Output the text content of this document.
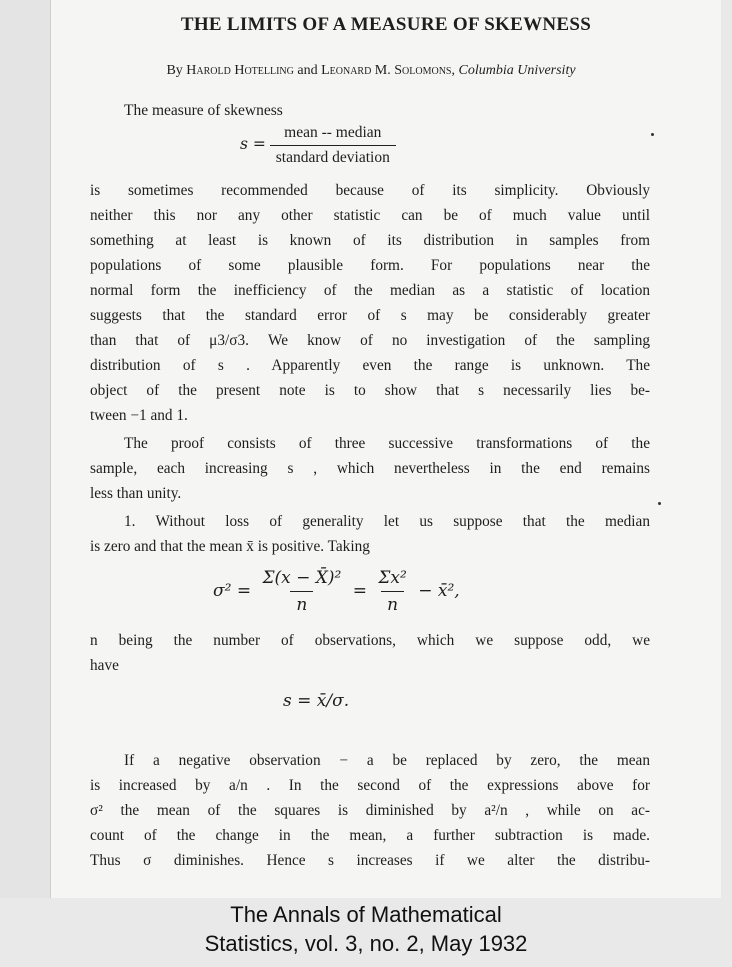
THE LIMITS OF A MEASURE OF SKEWNESS
By Harold Hotelling and Leonard M. Solomons, Columbia University
The measure of skewness
$s = \frac{\text{mean -- median}}{\text{standard deviation}}$
is sometimes recommended because of its simplicity. Obviously
neither this nor any other statistic can be of much value until
something at least is known of its distribution in samples from
populations of some plausible form. For populations near the
normal form the inefficiency of the median as a statistic of location
suggests that the standard error of s may be considerably greater
than that of μ3/σ3. We know of no investigation of the sampling
distribution of s . Apparently even the range is unknown. The
object of the present note is to show that s necessarily lies be-
tween −1 and 1.
The proof consists of three successive transformations of the
sample, each increasing s , which nevertheless in the end remains
less than unity.
1. Without loss of generality let us suppose that the median
is zero and that the mean x̄ is positive. Taking
$\sigma^2 = \frac{\text{Σ(x − X̄)²}}{n} = \frac{\text{Σx²}}{n}$ − x̄²,
n being the number of observations, which we suppose odd, we
have
s = x̄/σ.
If a negative observation − a be replaced by zero, the mean
is increased by a/n . In the second of the expressions above for
σ² the mean of the squares is diminished by a²/n , while on ac-
count of the change in the mean, a further subtraction is made.
Thus σ diminishes. Hence s increases if we alter the distribu-
The Annals of Mathematical
Statistics, vol. 3, no. 2, May 1932
